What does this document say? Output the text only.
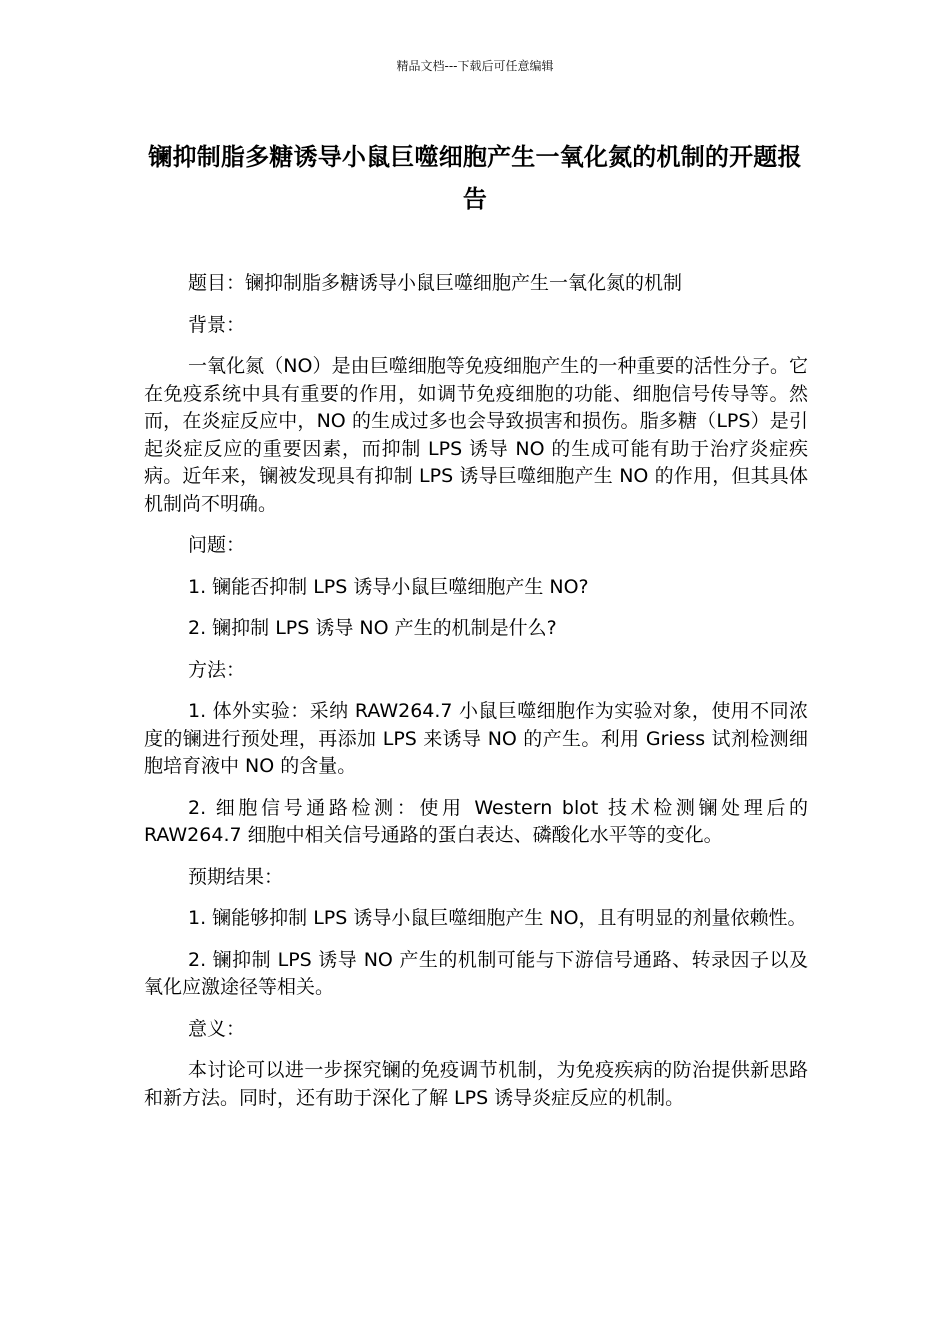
精品文档---下载后可任意编辑
镧抑制脂多糖诱导小鼠巨噬细胞产生一氧化氮的机制的开题报告

题目：镧抑制脂多糖诱导小鼠巨噬细胞产生一氧化氮的机制

背景：

一氧化氮（NO）是由巨噬细胞等免疫细胞产生的一种重要的活性分子。它在免疫系统中具有重要的作用，如调节免疫细胞的功能、细胞信号传导等。然而，在炎症反应中，NO 的生成过多也会导致损害和损伤。脂多糖（LPS）是引起炎症反应的重要因素，而抑制 LPS 诱导 NO 的生成可能有助于治疗炎症疾病。近年来，镧被发现具有抑制 LPS 诱导巨噬细胞产生 NO 的作用，但其具体机制尚不明确。

问题：

1. 镧能否抑制 LPS 诱导小鼠巨噬细胞产生 NO?

2. 镧抑制 LPS 诱导 NO 产生的机制是什么?

方法：

1. 体外实验：采纳 RAW264.7 小鼠巨噬细胞作为实验对象，使用不同浓度的镧进行预处理，再添加 LPS 来诱导 NO 的产生。利用 Griess 试剂检测细胞培育液中 NO 的含量。

2. 细胞信号通路检测：使用 Western blot 技术检测镧处理后的 RAW264.7 细胞中相关信号通路的蛋白表达、磷酸化水平等的变化。

预期结果：

1. 镧能够抑制 LPS 诱导小鼠巨噬细胞产生 NO，且有明显的剂量依赖性。

2. 镧抑制 LPS 诱导 NO 产生的机制可能与下游信号通路、转录因子以及氧化应激途径等相关。

意义：

本讨论可以进一步探究镧的免疫调节机制，为免疫疾病的防治提供新思路和新方法。同时，还有助于深化了解 LPS 诱导炎症反应的机制。
